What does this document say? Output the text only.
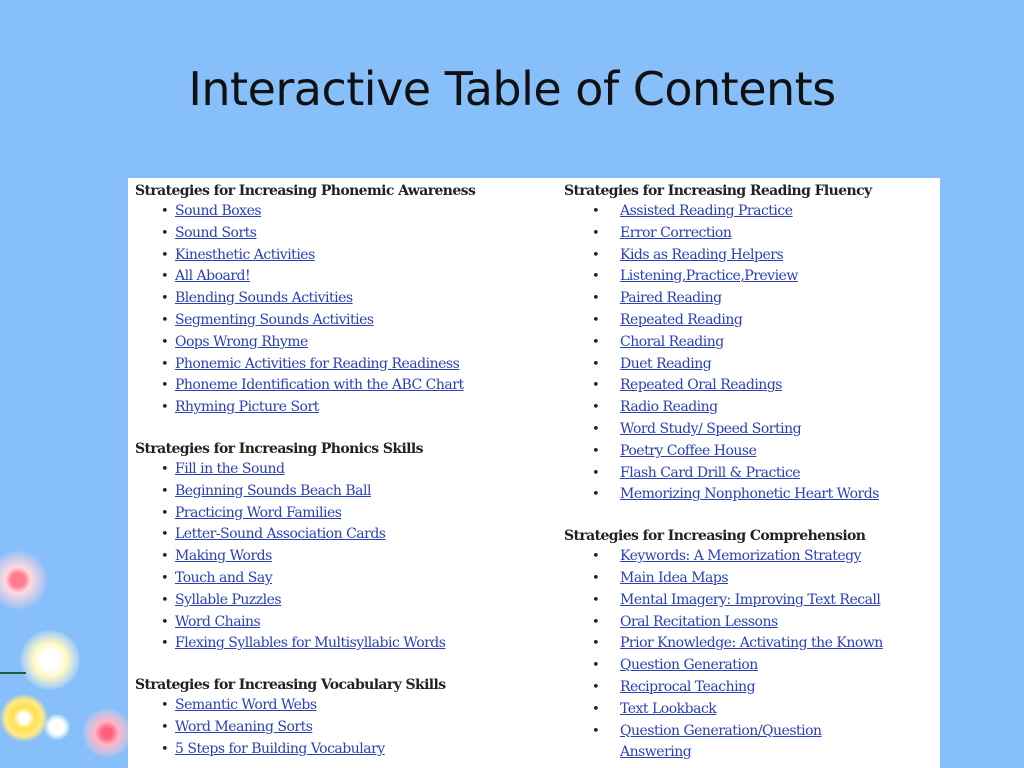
Interactive Table of Contents
Strategies for Increasing Phonemic Awareness
• Sound Boxes
• Sound Sorts
• Kinesthetic Activities
• All Aboard!
• Blending Sounds Activities
• Segmenting Sounds Activities
• Oops Wrong Rhyme
• Phonemic Activities for Reading Readiness
• Phoneme Identification with the ABC Chart
• Rhyming Picture Sort
Strategies for Increasing Phonics Skills
• Fill in the Sound
• Beginning Sounds Beach Ball
• Practicing Word Families
• Letter-Sound Association Cards
• Making Words
• Touch and Say
• Syllable Puzzles
• Word Chains
• Flexing Syllables for Multisyllabic Words
Strategies for Increasing Vocabulary Skills
• Semantic Word Webs
• Word Meaning Sorts
• 5 Steps for Building Vocabulary
Strategies for Increasing Reading Fluency
• Assisted Reading Practice
• Error Correction
• Kids as Reading Helpers
• Listening,Practice,Preview
• Paired Reading
• Repeated Reading
• Choral Reading
• Duet Reading
• Repeated Oral Readings
• Radio Reading
• Word Study/ Speed Sorting
• Poetry Coffee House
• Flash Card Drill & Practice
• Memorizing Nonphonetic Heart Words
Strategies for Increasing Comprehension
• Keywords: A Memorization Strategy
• Main Idea Maps
• Mental Imagery: Improving Text Recall
• Oral Recitation Lessons
• Prior Knowledge: Activating the Known
• Question Generation
• Reciprocal Teaching
• Text Lookback
• Question Generation/Question
Answering
